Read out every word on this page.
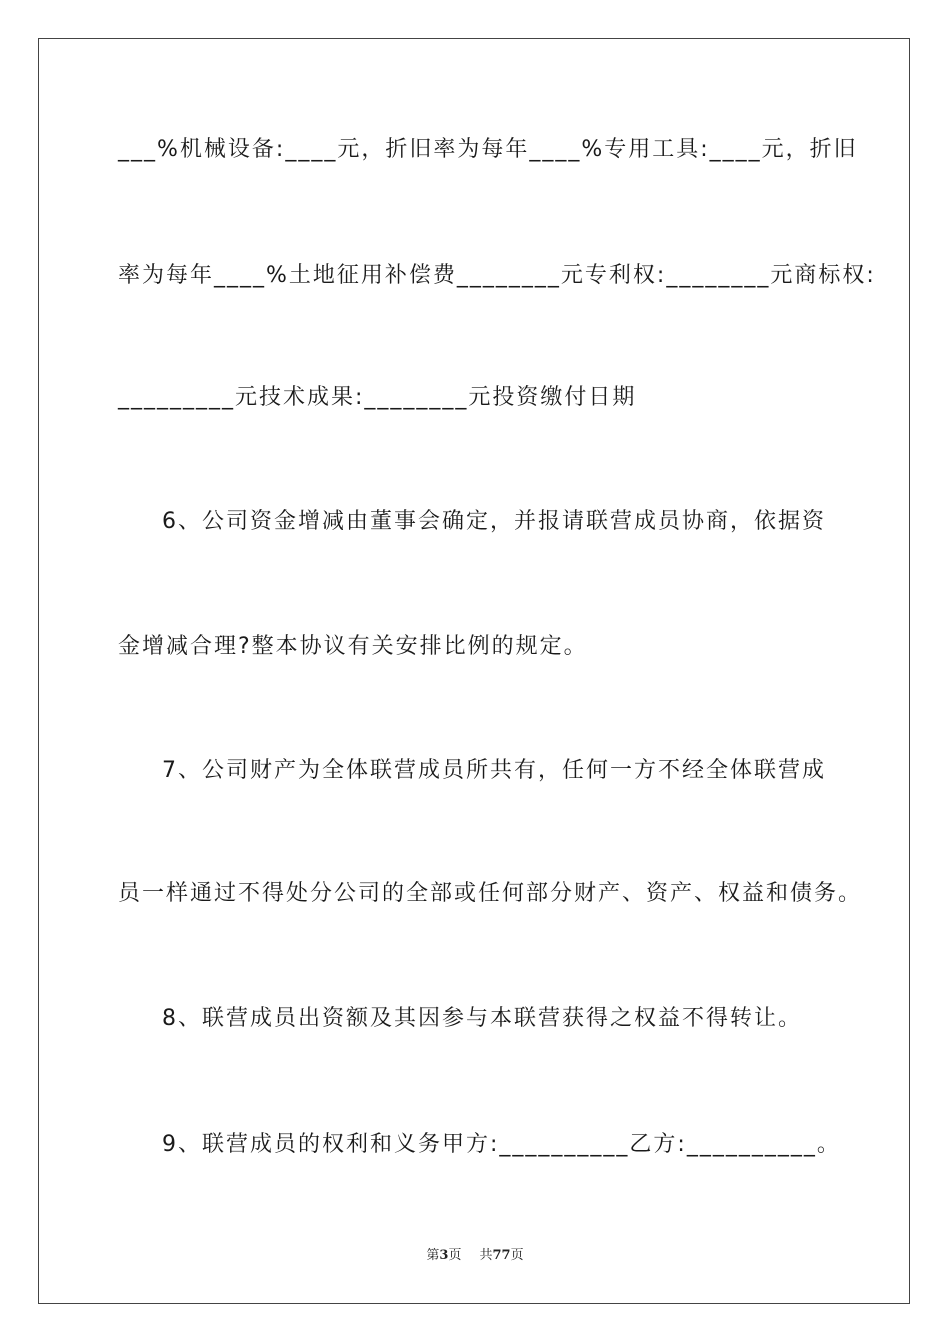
___%机械设备:____元，折旧率为每年____%专用工具:____元，折旧
率为每年____%土地征用补偿费________元专利权:________元商标权:
_________元技术成果:________元投资缴付日期
6、公司资金增减由董事会确定，并报请联营成员协商，依据资
金增减合理?整本协议有关安排比例的规定。
7、公司财产为全体联营成员所共有，任何一方不经全体联营成
员一样通过不得处分公司的全部或任何部分财产、资产、权益和债务。
8、联营成员出资额及其因参与本联营获得之权益不得转让。
9、联营成员的权利和义务甲方:__________乙方:__________。
第3页 共77页
